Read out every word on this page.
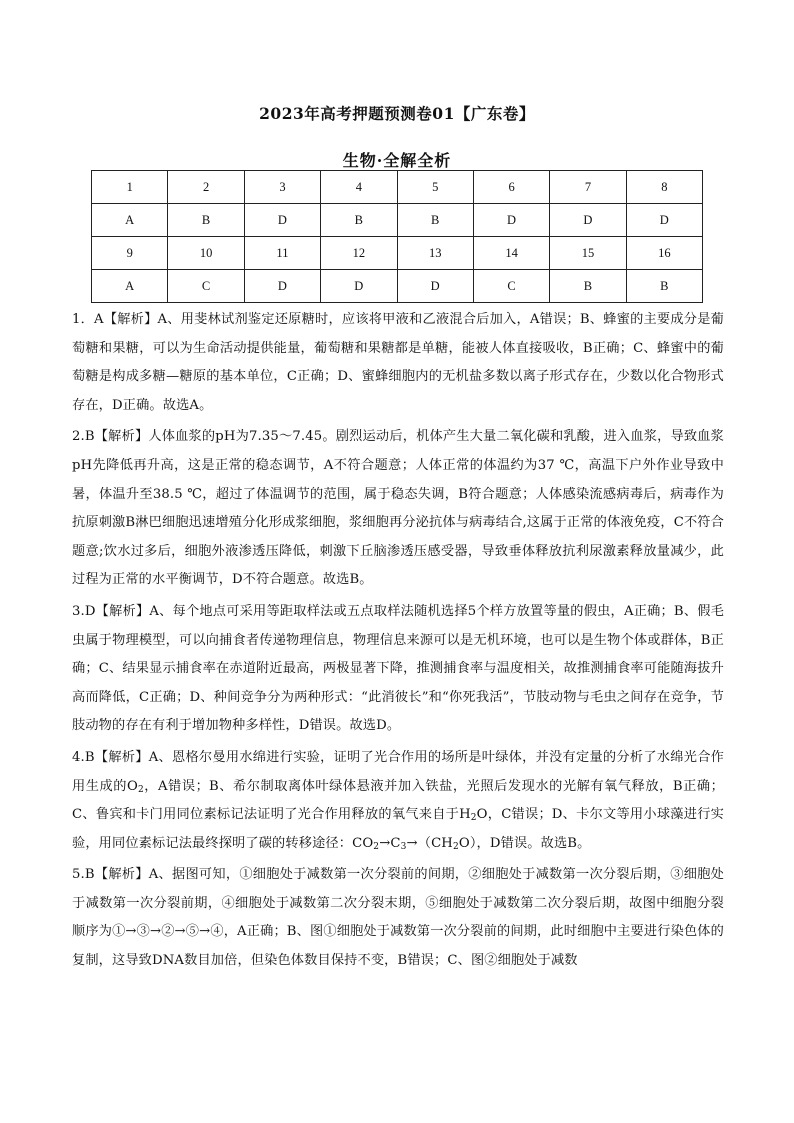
2023年高考押题预测卷01【广东卷】
生物·全解全析
1	2	3	4	5	6	7	8
A	B	D	B	B	D	D	D
9	10	11	12	13	14	15	16
A	C	D	D	D	C	B	B

1．A【解析】A、用斐林试剂鉴定还原糖时，应该将甲液和乙液混合后加入，A错误；B、蜂蜜的主要成分是葡萄糖和果糖，可以为生命活动提供能量，葡萄糖和果糖都是单糖，能被人体直接吸收，B正确；C、蜂蜜中的葡萄糖是构成多糖—糖原的基本单位，C正确；D、蜜蜂细胞内的无机盐多数以离子形式存在，少数以化合物形式存在，D正确。故选A。

2.B【解析】人体血浆的pH为7.35～7.45。剧烈运动后，机体产生大量二氧化碳和乳酸，进入血浆，导致血浆pH先降低再升高，这是正常的稳态调节，A不符合题意；人体正常的体温约为37 ℃，高温下户外作业导致中暑，体温升至38.5 ℃，超过了体温调节的范围，属于稳态失调，B符合题意；人体感染流感病毒后，病毒作为抗原刺激B淋巴细胞迅速增殖分化形成浆细胞，浆细胞再分泌抗体与病毒结合,这属于正常的体液免疫，C不符合题意;饮水过多后，细胞外液渗透压降低，刺激下丘脑渗透压感受器，导致垂体释放抗利尿激素释放量减少，此过程为正常的水平衡调节，D不符合题意。故选B。

3.D【解析】A、每个地点可采用等距取样法或五点取样法随机选择5个样方放置等量的假虫，A正确；B、假毛虫属于物理模型，可以向捕食者传递物理信息，物理信息来源可以是无机环境，也可以是生物个体或群体，B正确；C、结果显示捕食率在赤道附近最高，两极显著下降，推测捕食率与温度相关，故推测捕食率可能随海拔升高而降低，C正确；D、种间竞争分为两种形式：“此消彼长”和“你死我活”，节肢动物与毛虫之间存在竞争，节肢动物的存在有利于增加物种多样性，D错误。故选D。

4.B【解析】A、恩格尔曼用水绵进行实验，证明了光合作用的场所是叶绿体，并没有定量的分析了水绵光合作用生成的$O_2$，A错误；B、希尔制取离体叶绿体悬液并加入铁盐，光照后发现水的光解有氧气释放，B正确；C、鲁宾和卡门用同位素标记法证明了光合作用释放的氧气来自于$H_2O$，C错误；D、卡尔文等用小球藻进行实验，用同位素标记法最终探明了碳的转移途径：$CO_2\to C_3\to(CH_2O)$，D错误。故选B。

5.B【解析】A、据图可知，①细胞处于减数第一次分裂前的间期，②细胞处于减数第一次分裂后期，③细胞处于减数第一次分裂前期，④细胞处于减数第二次分裂末期，⑤细胞处于减数第二次分裂后期，故图中细胞分裂顺序为①→③→②→⑤→④，A正确；B、图①细胞处于减数第一次分裂前的间期，此时细胞中主要进行染色体的复制，这导致DNA数目加倍，但染色体数目保持不变，B错误；C、图②细胞处于减数
